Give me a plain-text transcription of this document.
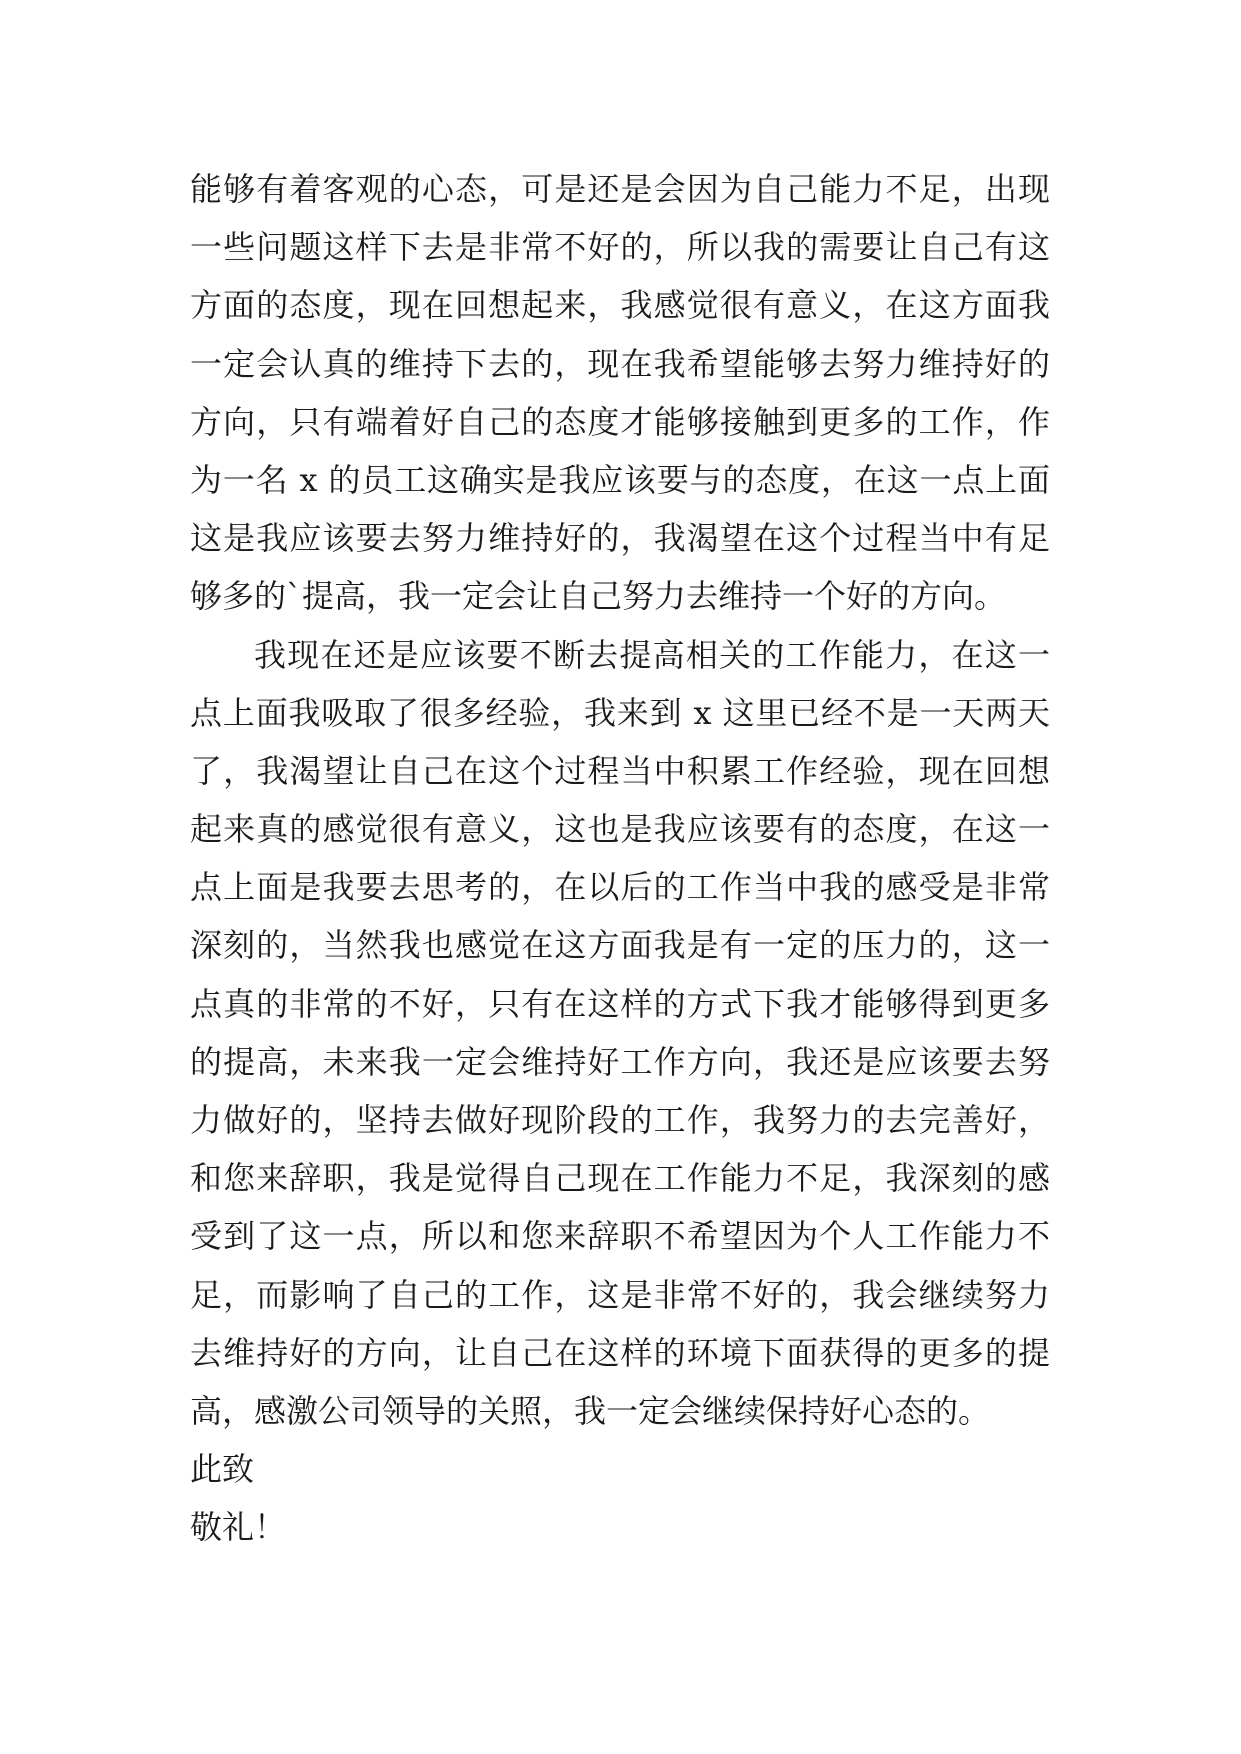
能够有着客观的心态，可是还是会因为自己能力不足，出现
一些问题这样下去是非常不好的，所以我的需要让自己有这
方面的态度，现在回想起来，我感觉很有意义，在这方面我
一定会认真的维持下去的，现在我希望能够去努力维持好的
方向，只有端着好自己的态度才能够接触到更多的工作，作
为一名 x 的员工这确实是我应该要与的态度，在这一点上面
这是我应该要去努力维持好的，我渴望在这个过程当中有足
够多的`提高，我一定会让自己努力去维持一个好的方向。
我现在还是应该要不断去提高相关的工作能力，在这一
点上面我吸取了很多经验，我来到 x 这里已经不是一天两天
了，我渴望让自己在这个过程当中积累工作经验，现在回想
起来真的感觉很有意义，这也是我应该要有的态度，在这一
点上面是我要去思考的，在以后的工作当中我的感受是非常
深刻的，当然我也感觉在这方面我是有一定的压力的，这一
点真的非常的不好，只有在这样的方式下我才能够得到更多
的提高，未来我一定会维持好工作方向，我还是应该要去努
力做好的，坚持去做好现阶段的工作，我努力的去完善好，
和您来辞职，我是觉得自己现在工作能力不足，我深刻的感
受到了这一点，所以和您来辞职不希望因为个人工作能力不
足，而影响了自己的工作，这是非常不好的，我会继续努力
去维持好的方向，让自己在这样的环境下面获得的更多的提
高，感激公司领导的关照，我一定会继续保持好心态的。
此致
敬礼！
